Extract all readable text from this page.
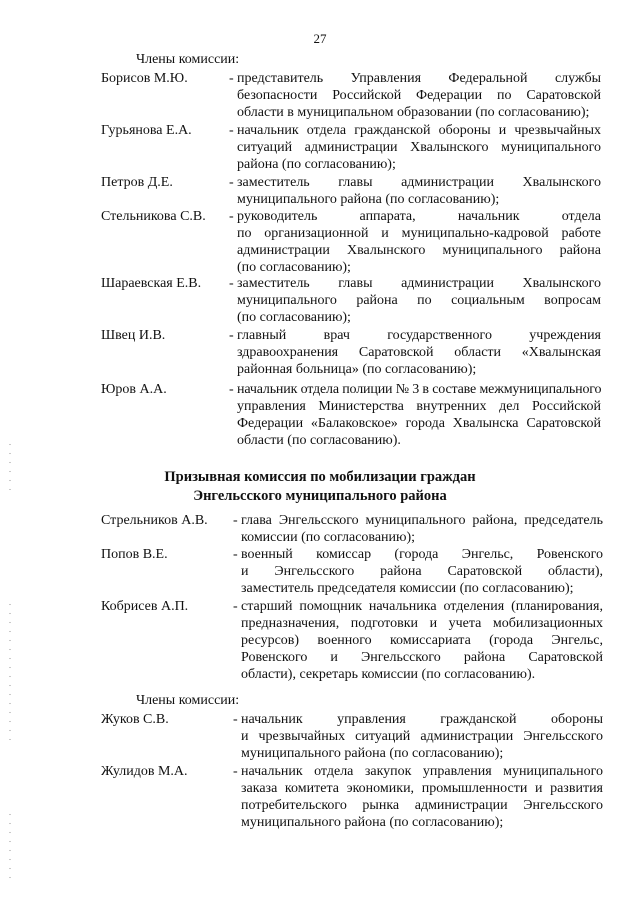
27
Члены комиссии:
Борисов М.Ю.	- представитель Управления Федеральной службы
безопасности Российской Федерации по Саратовской
области в муниципальном образовании (по согласованию);
Гурьянова Е.А.	- начальник отдела гражданской обороны и чрезвычайных
ситуаций администрации Хвалынского муниципального
района (по согласованию);
Петров Д.Е.	- заместитель главы администрации Хвалынского
муниципального района (по согласованию);
Стельникова С.В. - руководитель аппарата, начальник отдела
по организационной и муниципально-кадровой работе
администрации Хвалынского муниципального района
(по согласованию);
Шараевская Е.В. - заместитель главы администрации Хвалынского
муниципального района по социальным вопросам
(по согласованию);
Швец И.В.	- главный врач государственного учреждения
здравоохранения Саратовской области «Хвалынская
районная больница» (по согласованию);
Юров А.А.	- начальник отдела полиции № 3 в составе межмуниципального
управления Министерства внутренних дел Российской
Федерации «Балаковское» города Хвалынска Саратовской
области (по согласованию).
Призывная комиссия по мобилизации граждан
Энгельсского муниципального района
Стрельников А.В. - глава Энгельсского муниципального района, председатель
комиссии (по согласованию);
Попов В.Е.	- военный комиссар (города Энгельс, Ровенского
и Энгельсского района Саратовской области),
заместитель председателя комиссии (по согласованию);
Кобрисев А.П.	- старший помощник начальника отделения (планирования,
предназначения, подготовки и учета мобилизационных
ресурсов) военного комиссариата (города Энгельс,
Ровенского и Энгельсского района Саратовской
области), секретарь комиссии (по согласованию).
Члены комиссии:
Жуков С.В.	- начальник управления гражданской обороны
и чрезвычайных ситуаций администрации Энгельсского
муниципального района (по согласованию);
Жулидов М.А.	- начальник отдела закупок управления муниципального
заказа комитета экономики, промышленности и развития
потребительского рынка администрации Энгельсского
муниципального района (по согласованию);
